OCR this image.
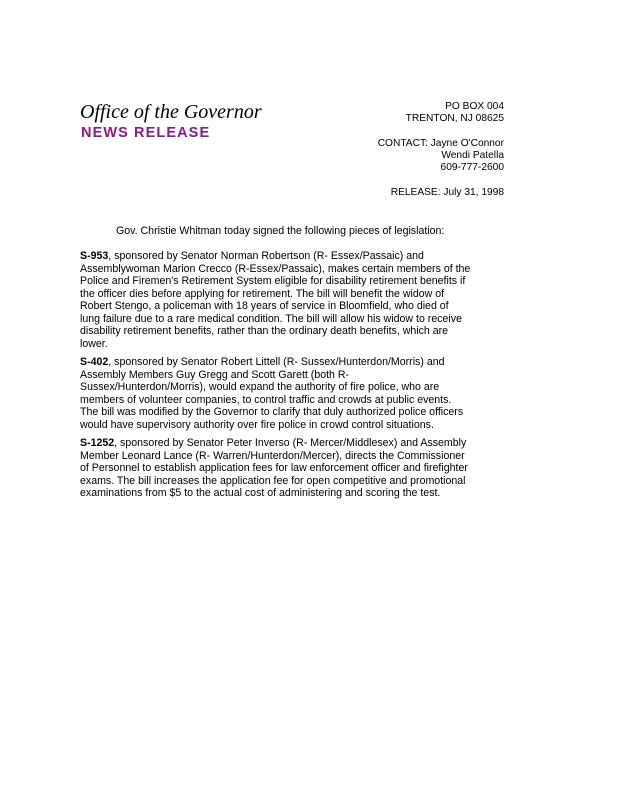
Office of the Governor
NEWS RELEASE
PO BOX 004
TRENTON, NJ 08625
CONTACT: Jayne O'Connor
Wendi Patella
609-777-2600
RELEASE: July 31, 1998
Gov. Christie Whitman today signed the following pieces of legislation:
S-953, sponsored by Senator Norman Robertson (R- Essex/Passaic) and
Assemblywoman Marion Crecco (R-Essex/Passaic), makes certain members of the
Police and Firemen's Retirement System eligible for disability retirement benefits if
the officer dies before applying for retirement. The bill will benefit the widow of
Robert Stengo, a policeman with 18 years of service in Bloomfield, who died of
lung failure due to a rare medical condition. The bill will allow his widow to receive
disability retirement benefits, rather than the ordinary death benefits, which are
lower.
S-402, sponsored by Senator Robert Littell (R- Sussex/Hunterdon/Morris) and
Assembly Members Guy Gregg and Scott Garett (both R-
Sussex/Hunterdon/Morris), would expand the authority of fire police, who are
members of volunteer companies, to control traffic and crowds at public events.
The bill was modified by the Governor to clarify that duly authorized police officers
would have supervisory authority over fire police in crowd control situations.
S-1252, sponsored by Senator Peter Inverso (R- Mercer/Middlesex) and Assembly
Member Leonard Lance (R- Warren/Hunterdon/Mercer), directs the Commissioner
of Personnel to establish application fees for law enforcement officer and firefighter
exams. The bill increases the application fee for open competitive and promotional
examinations from $5 to the actual cost of administering and scoring the test.
